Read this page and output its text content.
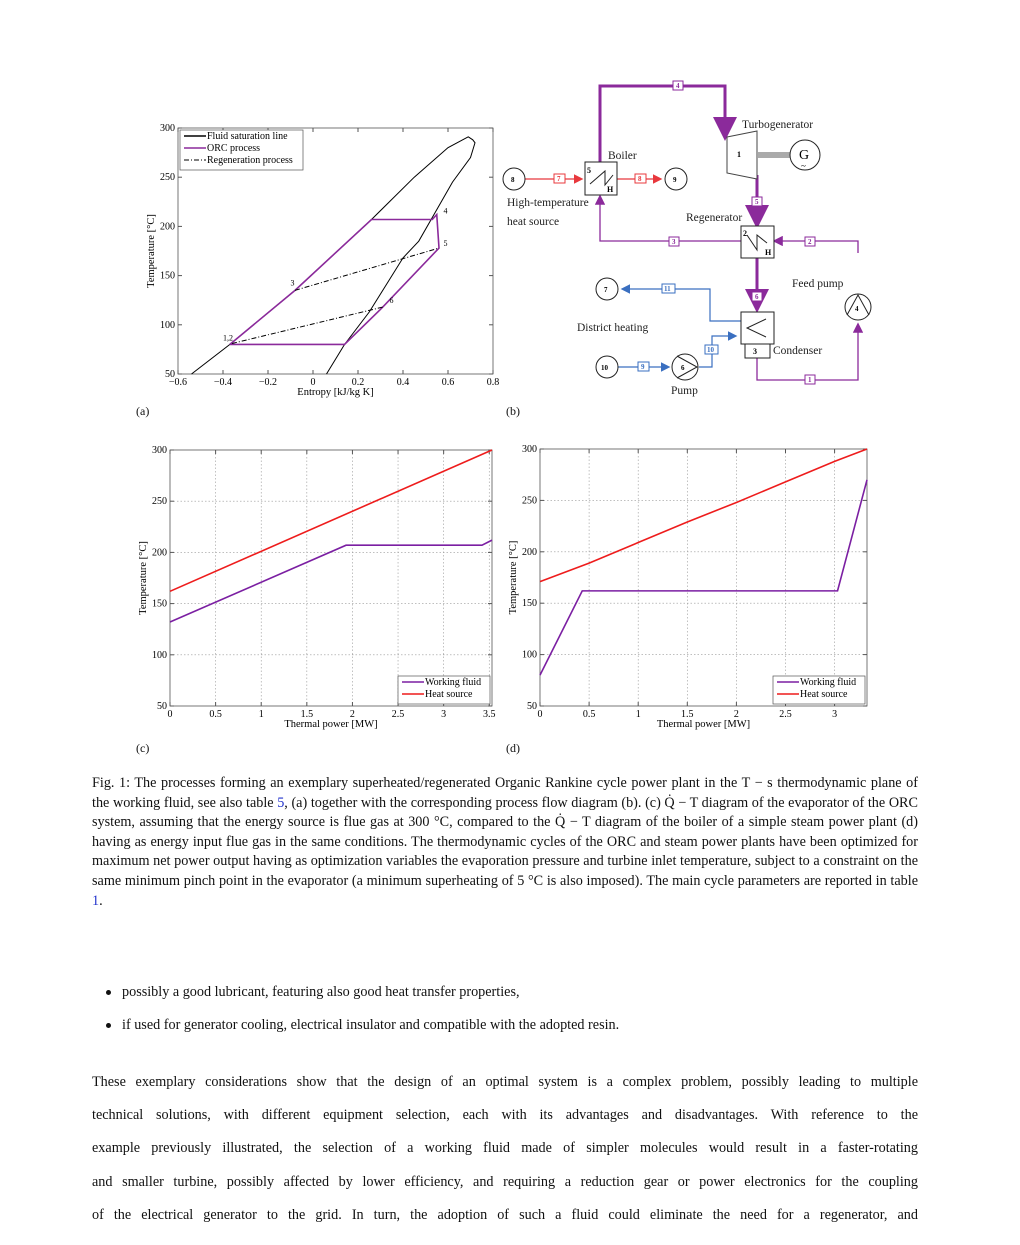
−0.6	−0.4	−0.2	0	0.2	0.4	0.6	0.8
50
100
150
200
250
300
Entropy [kJ/kg K]
Temperature [°C]
1,2
3
4
5
6
Fluid saturation line
ORC process
Regeneration process
5
H
1	G
~
2
H
3
4
6
8	9
7
10
4
5
3	2
6
1
7	8
11
9
10
Boiler
Turbogenerator
Regenerator
Feed pump
Condenser
Pump
District heating
High-temperature
heat source
0	0.5	1	1.5	2	2.5	3	3.5
50
100
150
200
250
300
Thermal power [MW]
Temperature [°C]
Working fluid
Heat source
0	0.5	1	1.5	2	2.5	3
50
100
150
200
250
300
Thermal power [MW]
Temperature [°C]
Working fluid
Heat source
(a)	(b)
(c)	(d)
Fig. 1: The processes forming an exemplary superheated/regenerated Organic Rankine cycle power plant in the T − s thermodynamic plane of the working fluid, see also table 5, (a) together with the corresponding process flow diagram (b). (c) Q̇ − T diagram of the evaporator of the ORC system, assuming that the energy source is flue gas at 300 °C, compared to the Q̇ − T diagram of the boiler of a simple steam power plant (d) having as energy input flue gas in the same conditions. The thermodynamic cycles of the ORC and steam power plants have been optimized for maximum net power output having as optimization variables the evaporation pressure and turbine inlet temperature, subject to a constraint on the same minimum pinch point in the evaporator (a minimum superheating of 5 °C is also imposed). The main cycle parameters are reported in table 1.
possibly a good lubricant, featuring also good heat transfer properties,
if used for generator cooling, electrical insulator and compatible with the adopted resin.
These exemplary considerations show that the design of an optimal system is a complex problem, possibly leading to multiple
technical solutions, with different equipment selection, each with its advantages and disadvantages. With reference to the
example previously illustrated, the selection of a working fluid made of simpler molecules would result in a faster-rotating
and smaller turbine, possibly affected by lower efficiency, and requiring a reduction gear or power electronics for the coupling
of the electrical generator to the grid. In turn, the adoption of such a fluid could eliminate the need for a regenerator, and
